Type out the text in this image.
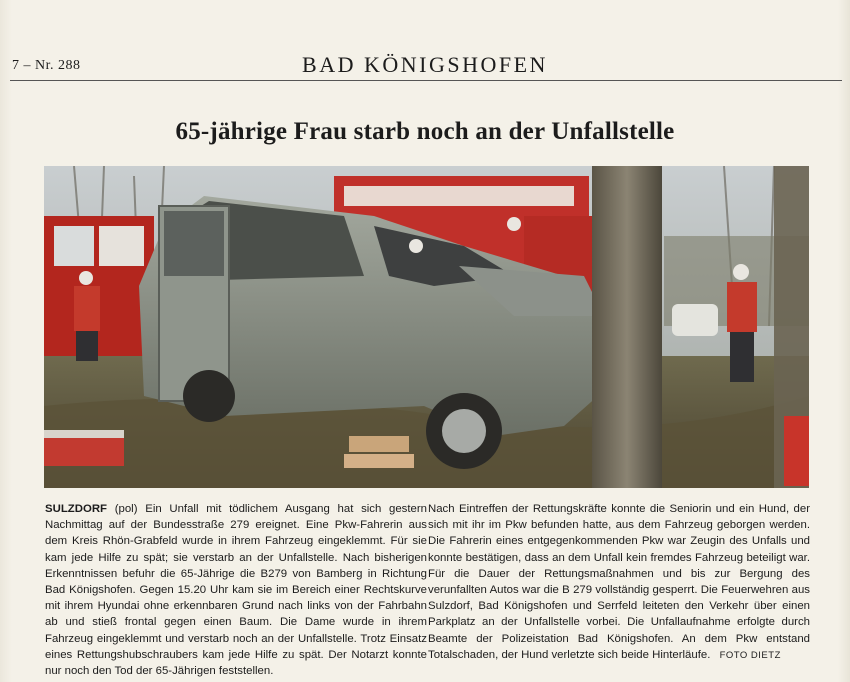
7 – Nr. 288	BAD KÖNIGSHOFEN
65-jährige Frau starb noch an der Unfallstelle

SULZDORF (pol) Ein Unfall mit tödlichem Ausgang hat sich gestern Nachmittag auf der Bundesstraße 279 ereignet. Eine Pkw-Fahrerin aus dem Kreis Rhön-Grabfeld wurde in ihrem Fahrzeug eingeklemmt. Für sie kam jede Hilfe zu spät; sie verstarb an der Unfallstelle. Nach bisherigen Erkenntnissen befuhr die 65-Jährige die B279 von Bamberg in Richtung Bad Königshofen. Gegen 15.20 Uhr kam sie im Bereich einer Rechtskurve mit ihrem Hyundai ohne erkennbaren Grund nach links von der Fahrbahn ab und stieß frontal gegen einen Baum. Die Dame wurde in ihrem Fahrzeug eingeklemmt und verstarb noch an der Unfallstelle. Trotz Einsatz eines Rettungshubschraubers kam jede Hilfe zu spät. Der Notarzt konnte nur noch den Tod der 65-Jährigen feststellen.

Nach Eintreffen der Rettungskräfte konnte die Seniorin und ein Hund, der sich mit ihr im Pkw befunden hatte, aus dem Fahrzeug geborgen werden. Die Fahrerin eines entgegenkommenden Pkw war Zeugin des Unfalls und konnte bestätigen, dass an dem Unfall kein fremdes Fahrzeug beteiligt war. Für die Dauer der Rettungsmaßnahmen und bis zur Bergung des verunfallten Autos war die B 279 vollständig gesperrt. Die Feuerwehren aus Sulzdorf, Bad Königshofen und Serrfeld leiteten den Verkehr über einen Parkplatz an der Unfallstelle vorbei. Die Unfallaufnahme erfolgte durch Beamte der Polizeistation Bad Königshofen. An dem Pkw entstand Totalschaden, der Hund verletzte sich beide Hinterläufe. FOTO DIETZ
